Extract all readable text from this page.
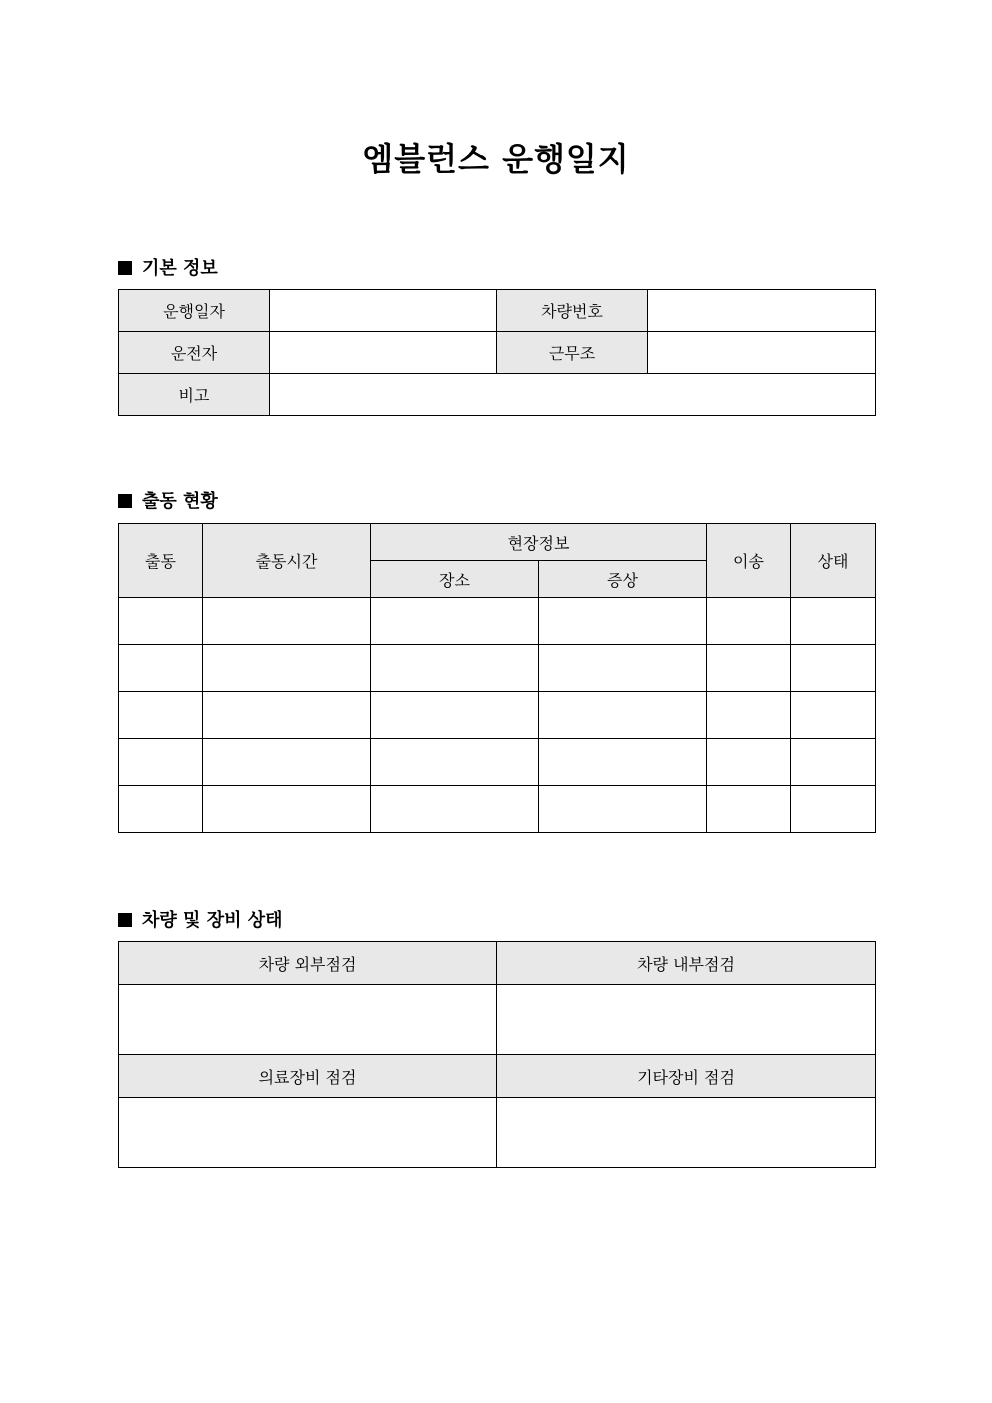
엠블런스 운행일지
기본 정보
운행일자		차량번호	
운전자		근무조	
비고			
출동 현황
출동	출동시간	현장정보		이송	상태
		장소	증상		

차량 및 장비 상태
차량 외부점검	차량 내부점검

의료장비 점검	기타장비 점검
